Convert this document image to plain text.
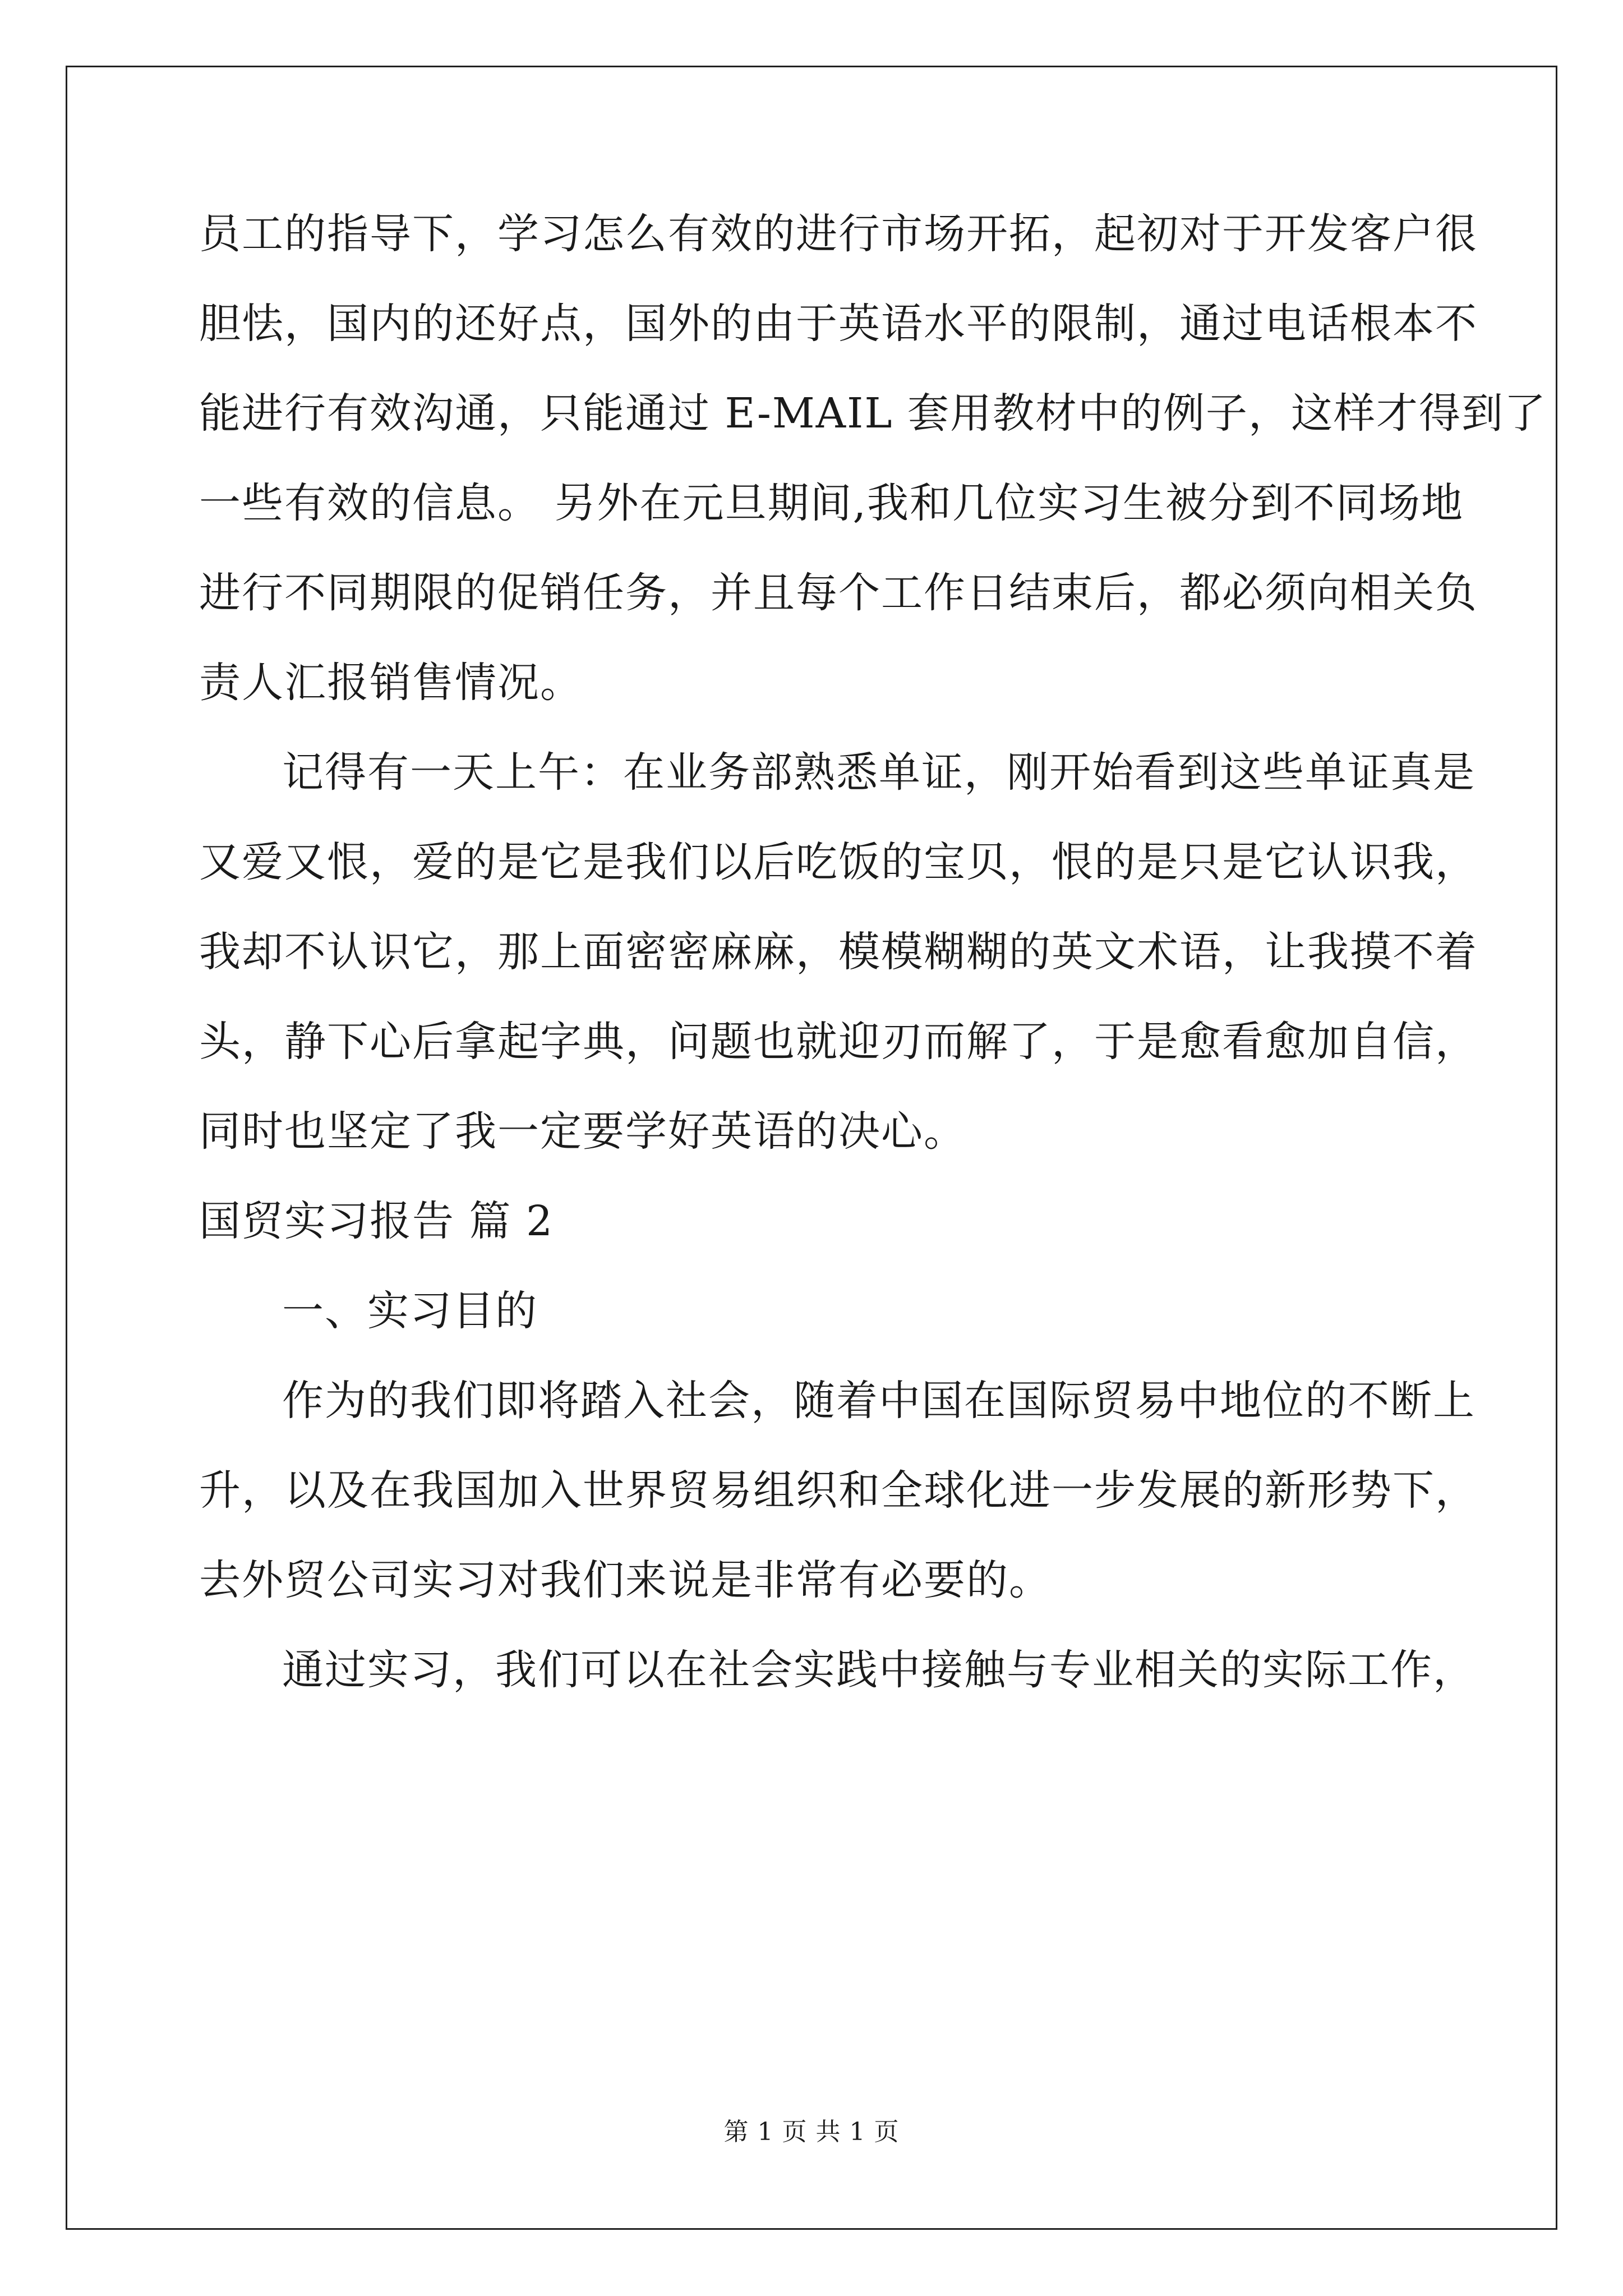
员工的指导下，学习怎么有效的进行市场开拓，起初对于开发客户很
胆怯，国内的还好点，国外的由于英语水平的限制，通过电话根本不
能进行有效沟通，只能通过 E-MAIL 套用教材中的例子，这样才得到了
一些有效的信息。 另外在元旦期间,我和几位实习生被分到不同场地
进行不同期限的促销任务，并且每个工作日结束后，都必须向相关负
责人汇报销售情况。
记得有一天上午：在业务部熟悉单证，刚开始看到这些单证真是
又爱又恨，爱的是它是我们以后吃饭的宝贝，恨的是只是它认识我，
我却不认识它，那上面密密麻麻，模模糊糊的英文术语，让我摸不着
头，静下心后拿起字典，问题也就迎刃而解了，于是愈看愈加自信，
同时也坚定了我一定要学好英语的决心。
国贸实习报告 篇 2
一、实习目的
作为的我们即将踏入社会，随着中国在国际贸易中地位的不断上
升，以及在我国加入世界贸易组织和全球化进一步发展的新形势下，
去外贸公司实习对我们来说是非常有必要的。
通过实习，我们可以在社会实践中接触与专业相关的实际工作，
第 1 页 共 1 页
